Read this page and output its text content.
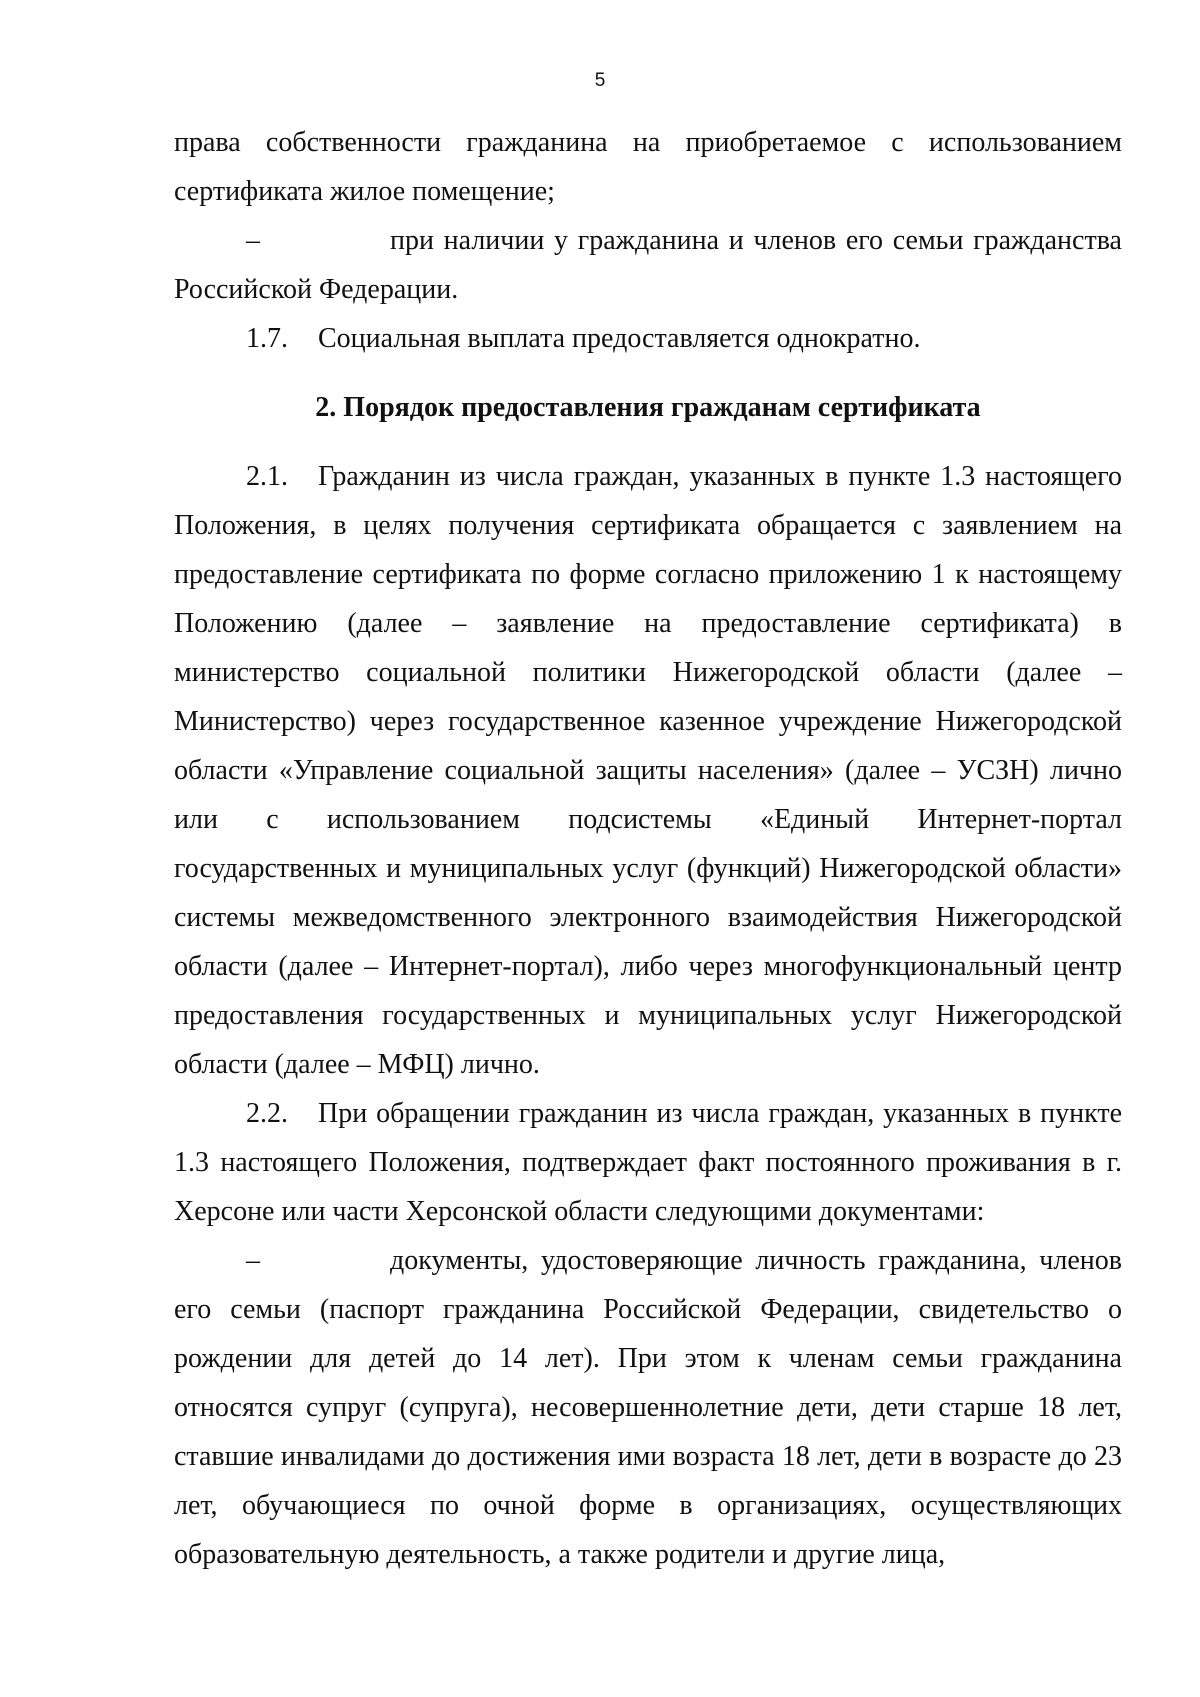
5

права собственности гражданина на приобретаемое с использованием сертификата жилое помещение;

–	при наличии у гражданина и членов его семьи гражданства Российской Федерации.

1.7. Социальная выплата предоставляется однократно.

2. Порядок предоставления гражданам сертификата

2.1. Гражданин из числа граждан, указанных в пункте 1.3 настоящего Положения, в целях получения сертификата обращается с заявлением на предоставление сертификата по форме согласно приложению 1 к настоящему Положению (далее – заявление на предоставление сертификата) в министерство социальной политики Нижегородской области (далее – Министерство) через государственное казенное учреждение Нижегородской области «Управление социальной защиты населения» (далее – УСЗН) лично или с использованием подсистемы «Единый Интернет-портал государственных и муниципальных услуг (функций) Нижегородской области» системы межведомственного электронного взаимодействия Нижегородской области (далее – Интернет-портал), либо через многофункциональный центр предоставления государственных и муниципальных услуг Нижегородской области (далее – МФЦ) лично.

2.2. При обращении гражданин из числа граждан, указанных в пункте 1.3 настоящего Положения, подтверждает факт постоянного проживания в г. Херсоне или части Херсонской области следующими документами:

–	документы, удостоверяющие личность гражданина, членов его семьи (паспорт гражданина Российской Федерации, свидетельство о рождении для детей до 14 лет). При этом к членам семьи гражданина относятся супруг (супруга), несовершеннолетние дети, дети старше 18 лет, ставшие инвалидами до достижения ими возраста 18 лет, дети в возрасте до 23 лет, обучающиеся по очной форме в организациях, осуществляющих образовательную деятельность, а также родители и другие лица,
